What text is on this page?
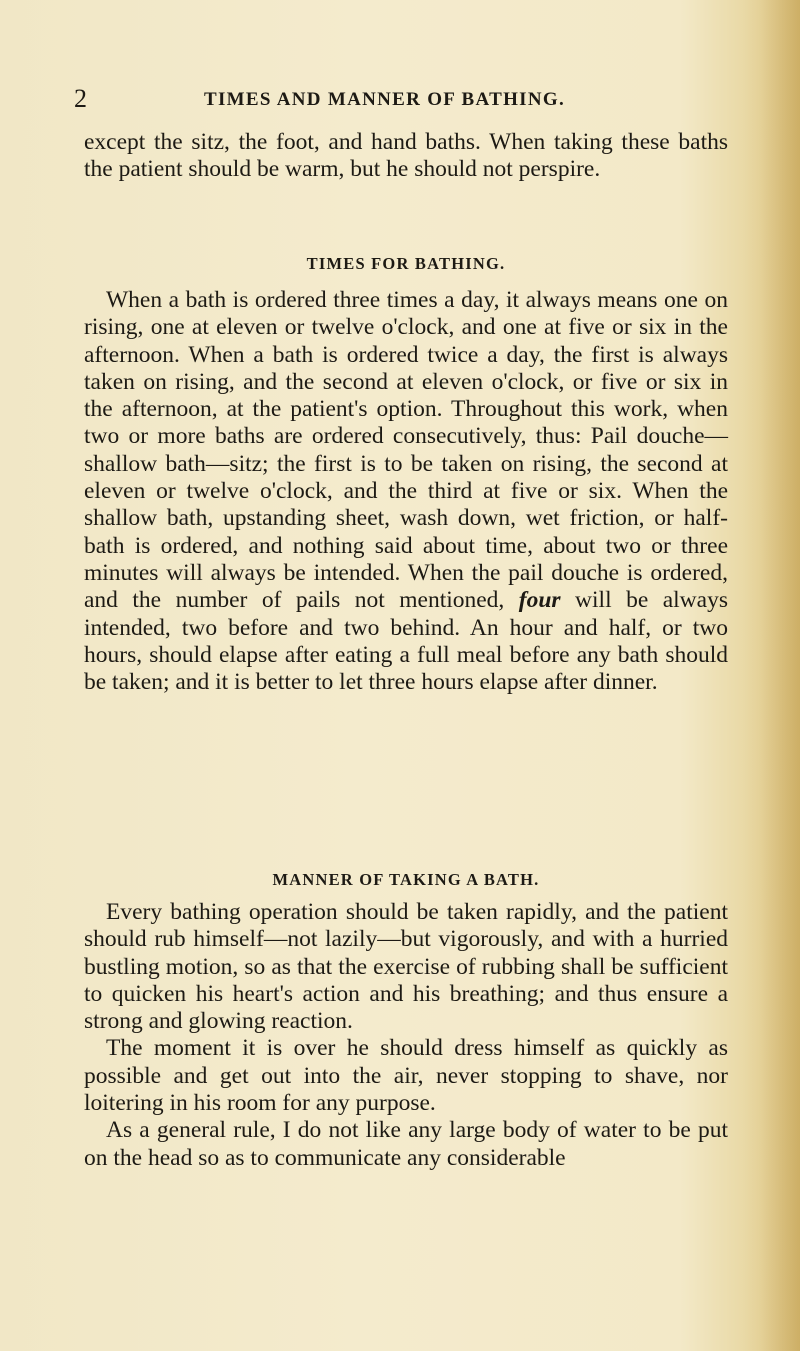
2	TIMES AND MANNER OF BATHING.

except the sitz, the foot, and hand baths. When taking these baths the patient should be warm, but he should not perspire.

TIMES FOR BATHING.

When a bath is ordered three times a day, it always means one on rising, one at eleven or twelve o'clock, and one at five or six in the afternoon. When a bath is ordered twice a day, the first is always taken on rising, and the second at eleven o'clock, or five or six in the afternoon, at the patient's option. Throughout this work, when two or more baths are ordered consecutively, thus: Pail douche—shallow bath—sitz; the first is to be taken on rising, the second at eleven or twelve o'clock, and the third at five or six. When the shallow bath, upstanding sheet, wash down, wet friction, or half-bath is ordered, and nothing said about time, about two or three minutes will always be intended. When the pail douche is ordered, and the number of pails not mentioned, four will be always intended, two before and two behind. An hour and half, or two hours, should elapse after eating a full meal before any bath should be taken; and it is better to let three hours elapse after dinner.

MANNER OF TAKING A BATH.

Every bathing operation should be taken rapidly, and the patient should rub himself—not lazily—but vigorously, and with a hurried bustling motion, so as that the exercise of rubbing shall be sufficient to quicken his heart's action and his breathing; and thus ensure a strong and glowing reaction.

The moment it is over he should dress himself as quickly as possible and get out into the air, never stopping to shave, nor loitering in his room for any purpose.

As a general rule, I do not like any large body of water to be put on the head so as to communicate any considerable
